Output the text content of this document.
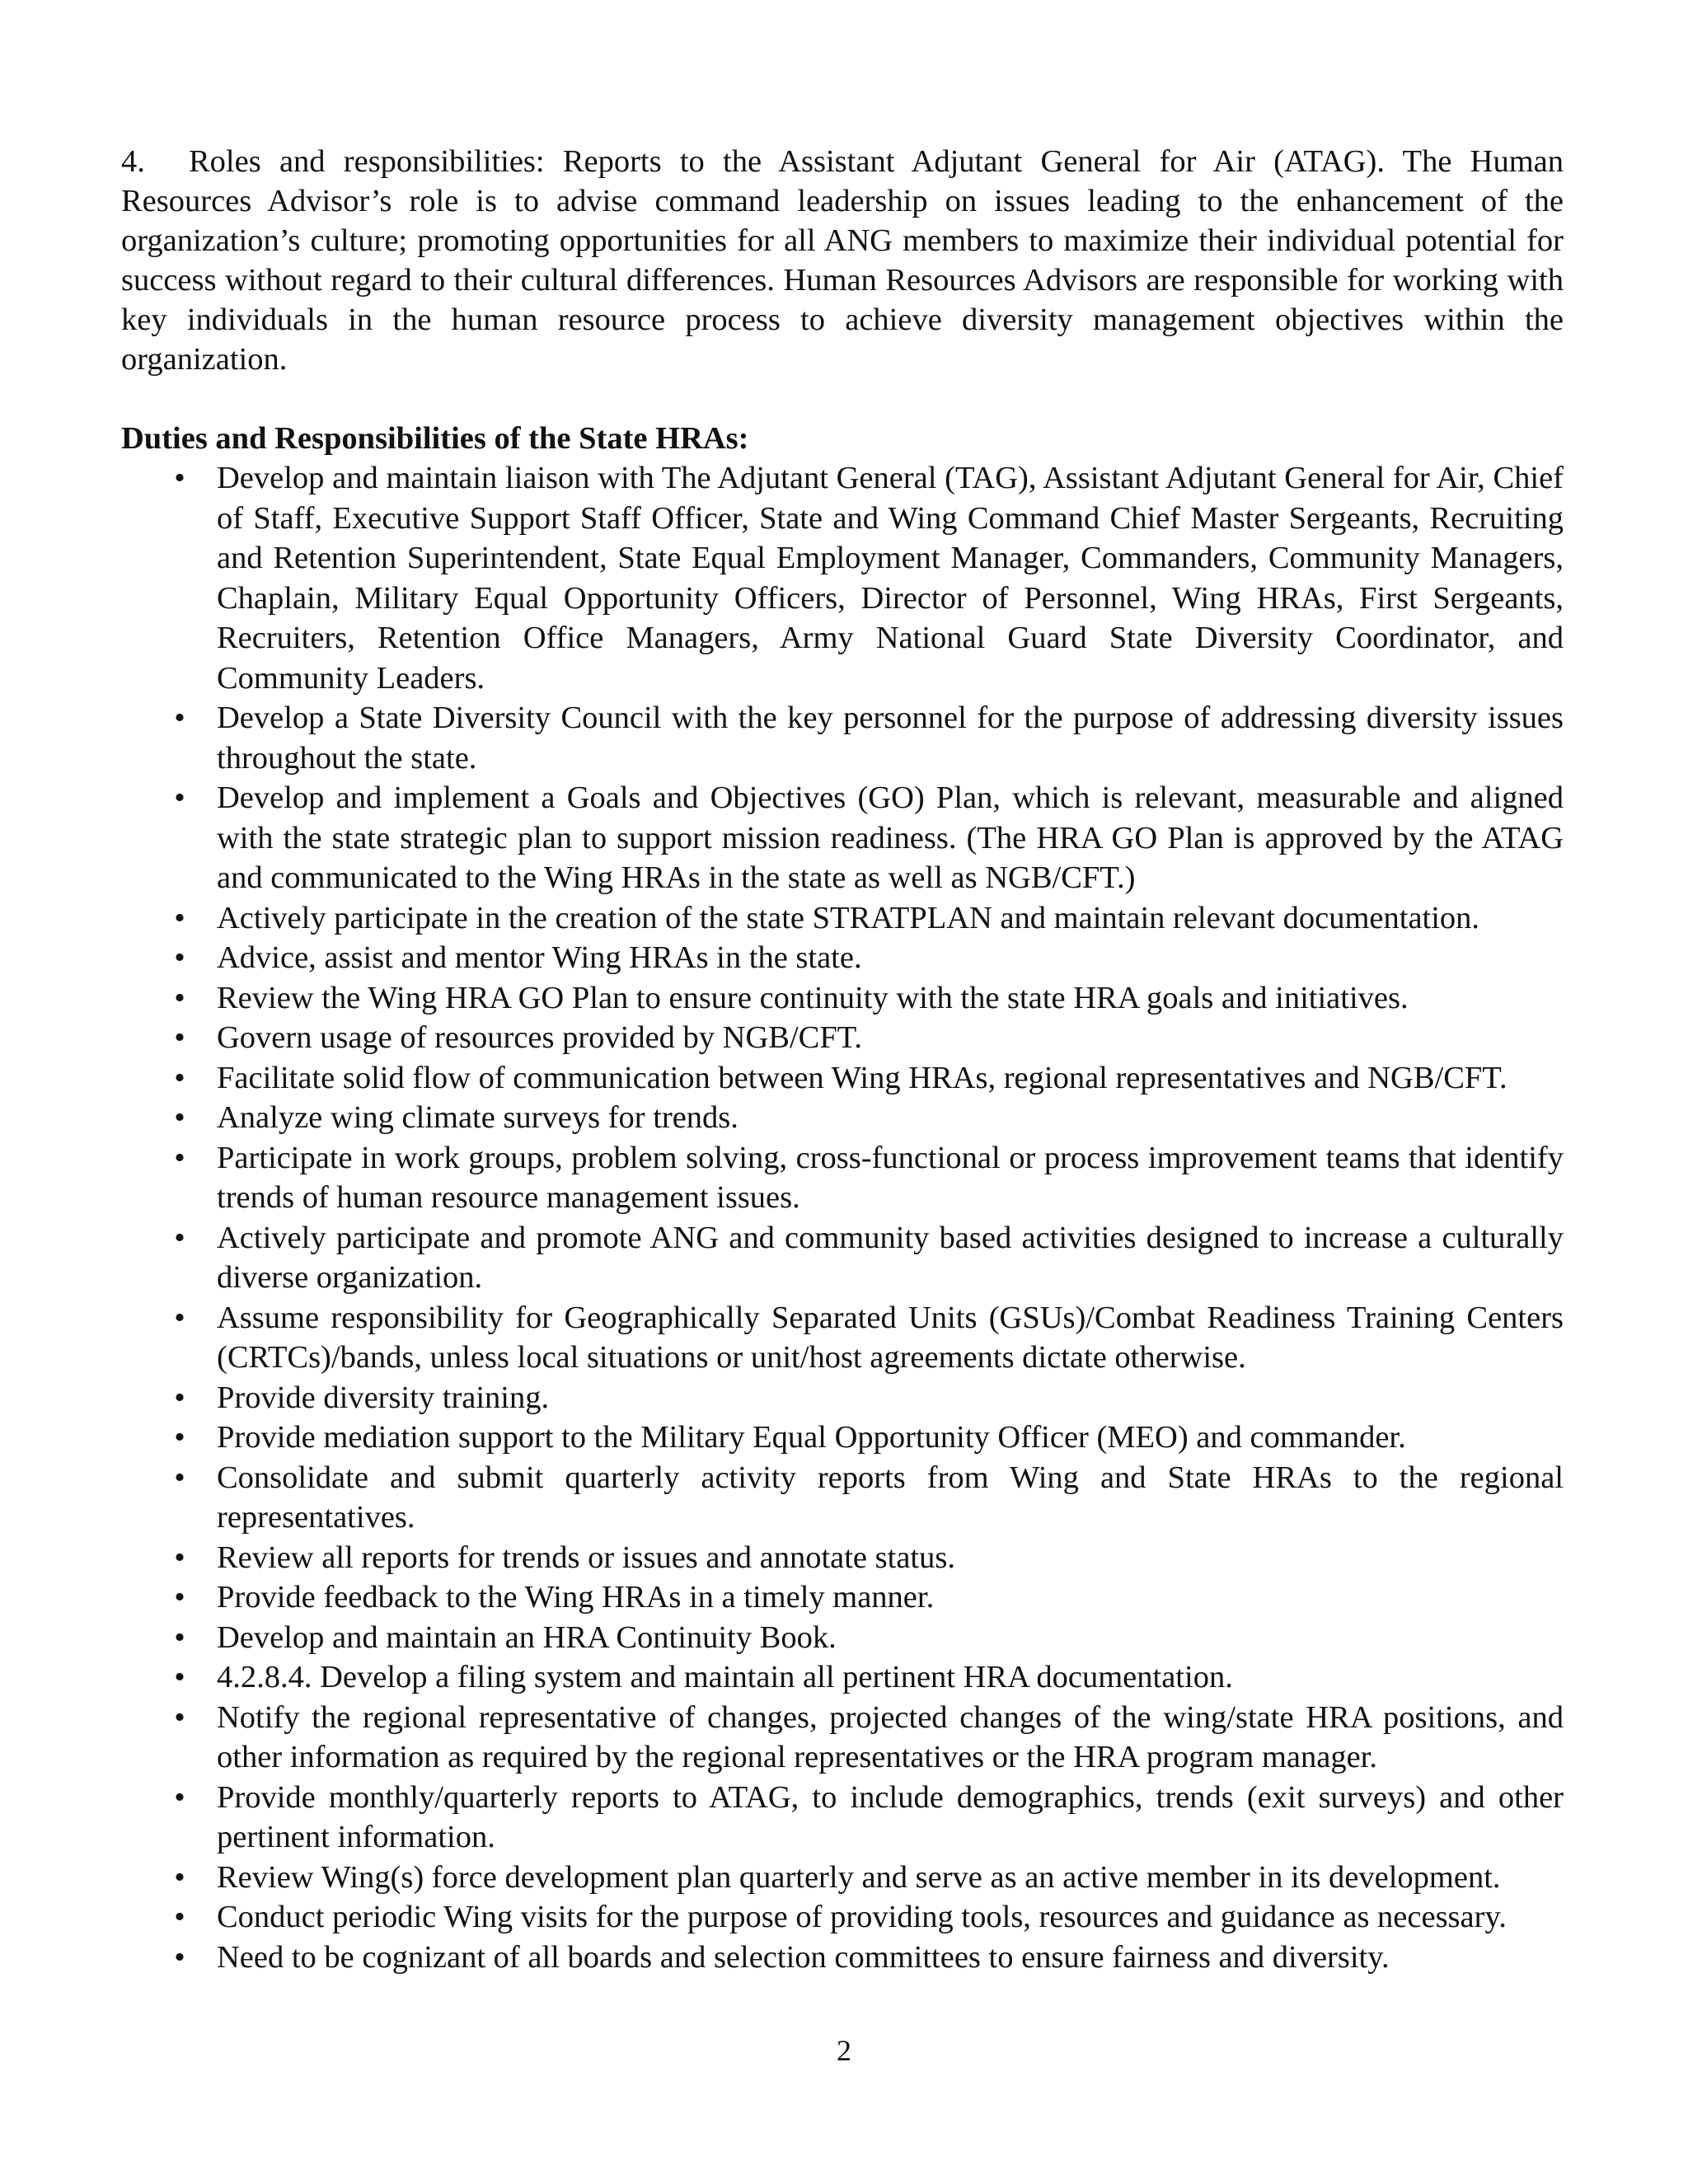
4. Roles and responsibilities: Reports to the Assistant Adjutant General for Air (ATAG). The Human Resources Advisor’s role is to advise command leadership on issues leading to the enhancement of the organization’s culture; promoting opportunities for all ANG members to maximize their individual potential for success without regard to their cultural differences. Human Resources Advisors are responsible for working with key individuals in the human resource process to achieve diversity management objectives within the organization.

Duties and Responsibilities of the State HRAs:
• Develop and maintain liaison with The Adjutant General (TAG), Assistant Adjutant General for Air, Chief of Staff, Executive Support Staff Officer, State and Wing Command Chief Master Sergeants, Recruiting and Retention Superintendent, State Equal Employment Manager, Commanders, Community Managers, Chaplain, Military Equal Opportunity Officers, Director of Personnel, Wing HRAs, First Sergeants, Recruiters, Retention Office Managers, Army National Guard State Diversity Coordinator, and Community Leaders.
• Develop a State Diversity Council with the key personnel for the purpose of addressing diversity issues throughout the state.
• Develop and implement a Goals and Objectives (GO) Plan, which is relevant, measurable and aligned with the state strategic plan to support mission readiness. (The HRA GO Plan is approved by the ATAG and communicated to the Wing HRAs in the state as well as NGB/CFT.)
• Actively participate in the creation of the state STRATPLAN and maintain relevant documentation.
• Advice, assist and mentor Wing HRAs in the state.
• Review the Wing HRA GO Plan to ensure continuity with the state HRA goals and initiatives.
• Govern usage of resources provided by NGB/CFT.
• Facilitate solid flow of communication between Wing HRAs, regional representatives and NGB/CFT.
• Analyze wing climate surveys for trends.
• Participate in work groups, problem solving, cross-functional or process improvement teams that identify trends of human resource management issues.
• Actively participate and promote ANG and community based activities designed to increase a culturally diverse organization.
• Assume responsibility for Geographically Separated Units (GSUs)/Combat Readiness Training Centers (CRTCs)/bands, unless local situations or unit/host agreements dictate otherwise.
• Provide diversity training.
• Provide mediation support to the Military Equal Opportunity Officer (MEO) and commander.
• Consolidate and submit quarterly activity reports from Wing and State HRAs to the regional representatives.
• Review all reports for trends or issues and annotate status.
• Provide feedback to the Wing HRAs in a timely manner.
• Develop and maintain an HRA Continuity Book.
• 4.2.8.4. Develop a filing system and maintain all pertinent HRA documentation.
• Notify the regional representative of changes, projected changes of the wing/state HRA positions, and other information as required by the regional representatives or the HRA program manager.
• Provide monthly/quarterly reports to ATAG, to include demographics, trends (exit surveys) and other pertinent information.
• Review Wing(s) force development plan quarterly and serve as an active member in its development.
• Conduct periodic Wing visits for the purpose of providing tools, resources and guidance as necessary.
• Need to be cognizant of all boards and selection committees to ensure fairness and diversity.
2
